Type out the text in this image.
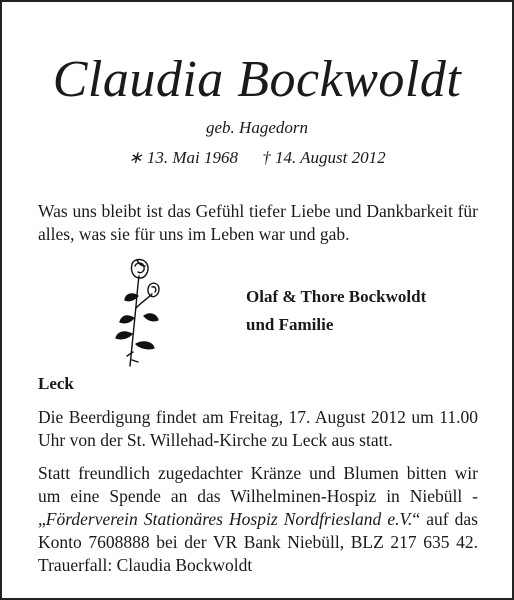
Claudia Bockwoldt
geb. Hagedorn
∗ 13. Mai 1968 † 14. August 2012
Was uns bleibt ist das Gefühl tiefer Liebe und Dankbarkeit für alles, was sie für uns im Leben war und gab.
Olaf & Thore Bockwoldt
und Familie
Leck
Die Beerdigung findet am Freitag, 17. August 2012 um 11.00 Uhr von der St. Willehad-Kirche zu Leck aus statt.
Statt freundlich zugedachter Kränze und Blumen bitten wir um eine Spende an das Wilhelminen-Hospiz in Niebüll - „Förderverein Stationäres Hospiz Nordfriesland e.V.“ auf das Konto 7608888 bei der VR Bank Niebüll, BLZ 217 635 42. Trauerfall: Claudia Bockwoldt
